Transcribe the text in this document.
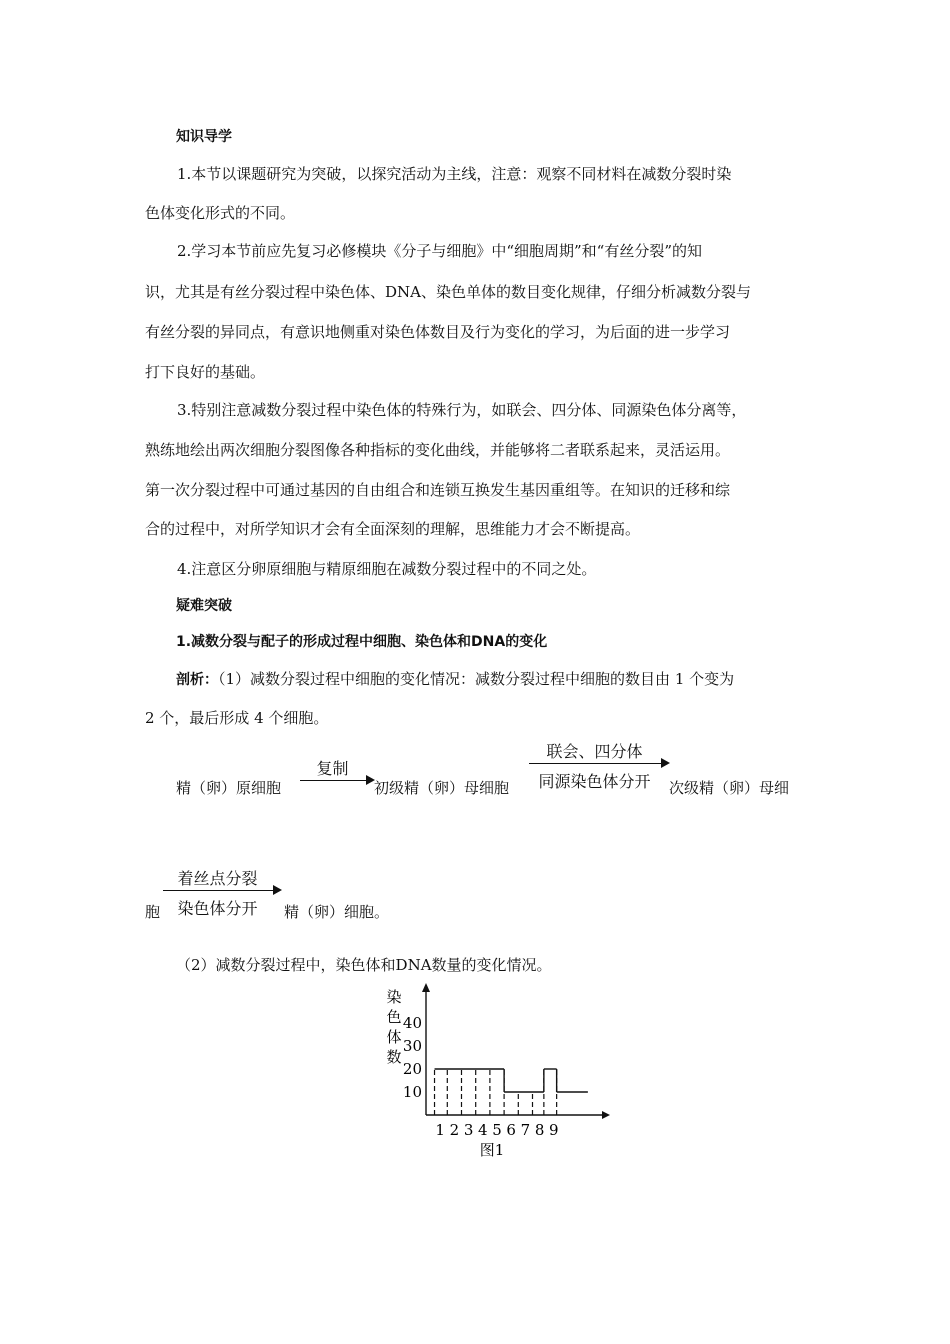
知识导学
1.本节以课题研究为突破，以探究活动为主线，注意：观察不同材料在减数分裂时染
色体变化形式的不同。
2.学习本节前应先复习必修模块《分子与细胞》中“细胞周期”和“有丝分裂”的知
识，尤其是有丝分裂过程中染色体、DNA、染色单体的数目变化规律，仔细分析减数分裂与
有丝分裂的异同点，有意识地侧重对染色体数目及行为变化的学习，为后面的进一步学习
打下良好的基础。
3.特别注意减数分裂过程中染色体的特殊行为，如联会、四分体、同源染色体分离等，
熟练地绘出两次细胞分裂图像各种指标的变化曲线，并能够将二者联系起来，灵活运用。
第一次分裂过程中可通过基因的自由组合和连锁互换发生基因重组等。在知识的迁移和综
合的过程中，对所学知识才会有全面深刻的理解，思维能力才会不断提高。
4.注意区分卵原细胞与精原细胞在减数分裂过程中的不同之处。
疑难突破
1.减数分裂与配子的形成过程中细胞、染色体和DNA的变化
剖析：（1）减数分裂过程中细胞的变化情况：减数分裂过程中细胞的数目由 1 个变为
2 个，最后形成 4 个细胞。
精（卵）原细胞
复制
初级精（卵）母细胞
联会、四分体
同源染色体分开	次级精（卵）母细
胞
着丝点分裂
染色体分开	精（卵）细胞。
（2）减数分裂过程中，染色体和DNA数量的变化情况。
染
色
体
数
10
20
30
40
1 2 3 4 5 6 7 8 9
图1
